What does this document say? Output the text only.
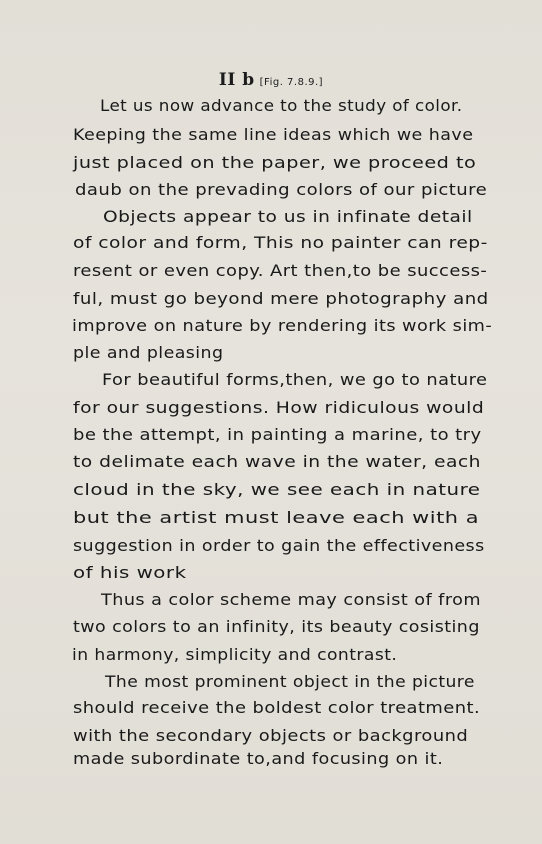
II b [Fig. 7.8.9.]
Let us now advance to the study of color.
Keeping the same line ideas which we have
just placed on the paper, we proceed to
daub on the prevading colors of our picture
Objects appear to us in infinate detail
of color and form, This no painter can rep-
resent or even copy. Art then,to be success-
ful, must go beyond mere photography and
improve on nature by rendering its work sim-
ple and pleasing
For beautiful forms,then, we go to nature
for our suggestions. How ridiculous would
be the attempt, in painting a marine, to try
to delimate each wave in the water, each
cloud in the sky, we see each in nature
but the artist must leave each with a
suggestion in order to gain the effectiveness
of his work
Thus a color scheme may consist of from
two colors to an infinity, its beauty cosisting
in harmony, simplicity and contrast.
The most prominent object in the picture
should receive the boldest color treatment.
with the secondary objects or background
made subordinate to,and focusing on it.
